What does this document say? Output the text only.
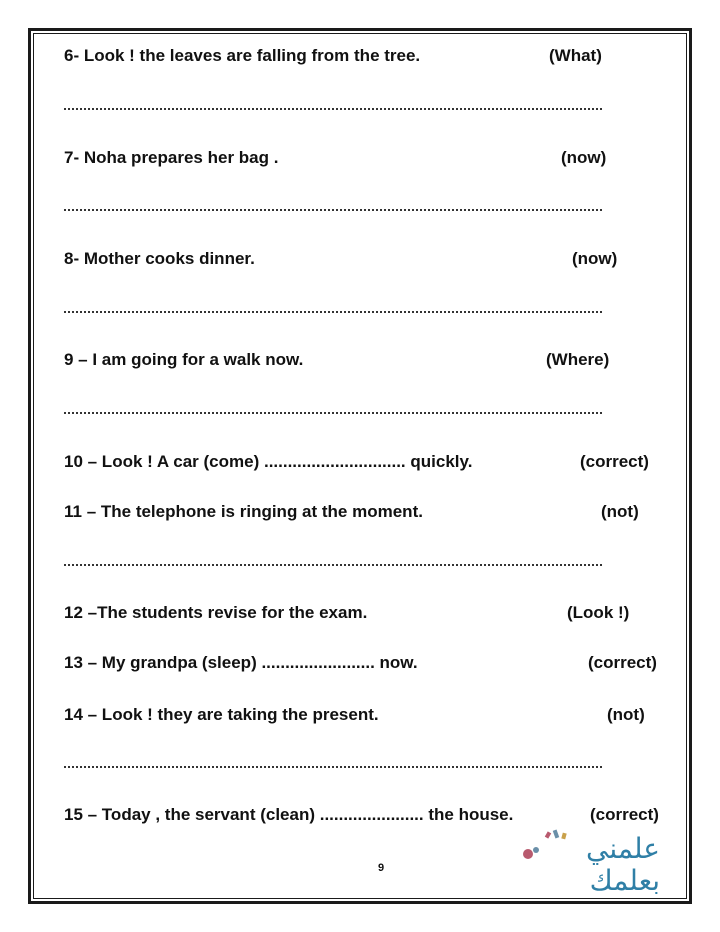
6- Look ! the leaves are falling from the tree.	(What)
7- Noha prepares her bag .	(now)
8- Mother cooks dinner.	(now)
9 – I am going for a walk now.	(Where)
10 – Look ! A car (come) .............................. quickly.	(correct)
11 – The telephone is ringing at the moment.	(not)
12 –The students revise for the exam.	(Look !)
13 – My grandpa (sleep) ........................ now.	(correct)
14 – Look ! they are taking the present.	(not)
15 – Today , the servant (clean) ...................... the house.	(correct)
9
علمني
بعلمك
